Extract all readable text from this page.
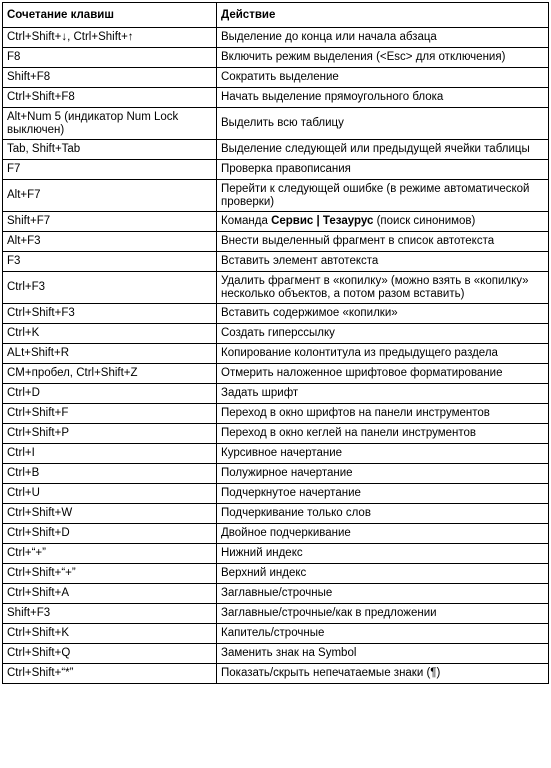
Сочетание клавиш	Действие
Ctrl+Shift+↓, Ctrl+Shift+↑	Выделение до конца или начала абзаца
F8	Включить режим выделения (<Esc> для отключения)
Shift+F8	Сократить выделение
Ctrl+Shift+F8	Начать выделение прямоугольного блока
Alt+Num 5 (индикатор Num Lock выключен)	Выделить всю таблицу
Tab, Shift+Tab	Выделение следующей или предыдущей ячейки таблицы
F7	Проверка правописания
Alt+F7	Перейти к следующей ошибке (в режиме автоматической проверки)
Shift+F7	Команда Сервис | Тезаурус (поиск синонимов)
Alt+F3	Внести выделенный фрагмент в список автотекста
F3	Вставить элемент автотекста
Ctrl+F3	Удалить фрагмент в «копилку» (можно взять в «копилку» несколько объектов, а потом разом вставить)
Ctrl+Shift+F3	Вставить содержимое «копилки»
Ctrl+K	Создать гиперссылку
ALt+Shift+R	Копирование колонтитула из предыдущего раздела
CM+пробел, Ctrl+Shift+Z	Отмерить наложенное шрифтовое форматирование
Ctrl+D	Задать шрифт
Ctrl+Shift+F	Переход в окно шрифтов на панели инструментов
Ctrl+Shift+P	Переход в окно кеглей на панели инструментов
Ctrl+I	Курсивное начертание
Ctrl+B	Полужирное начертание
Ctrl+U	Подчеркнутое начертание
Ctrl+Shift+W	Подчеркивание только слов
Ctrl+Shift+D	Двойное подчеркивание
Ctrl+“+”	Нижний индекс
Ctrl+Shift+“+”	Верхний индекс
Ctrl+Shift+A	Заглавные/строчные
Shift+F3	Заглавные/строчные/как в предложении
Ctrl+Shift+K	Капитель/строчные
Ctrl+Shift+Q	Заменить знак на Symbol
Ctrl+Shift+“*”	Показать/скрыть непечатаемые знаки (¶)
